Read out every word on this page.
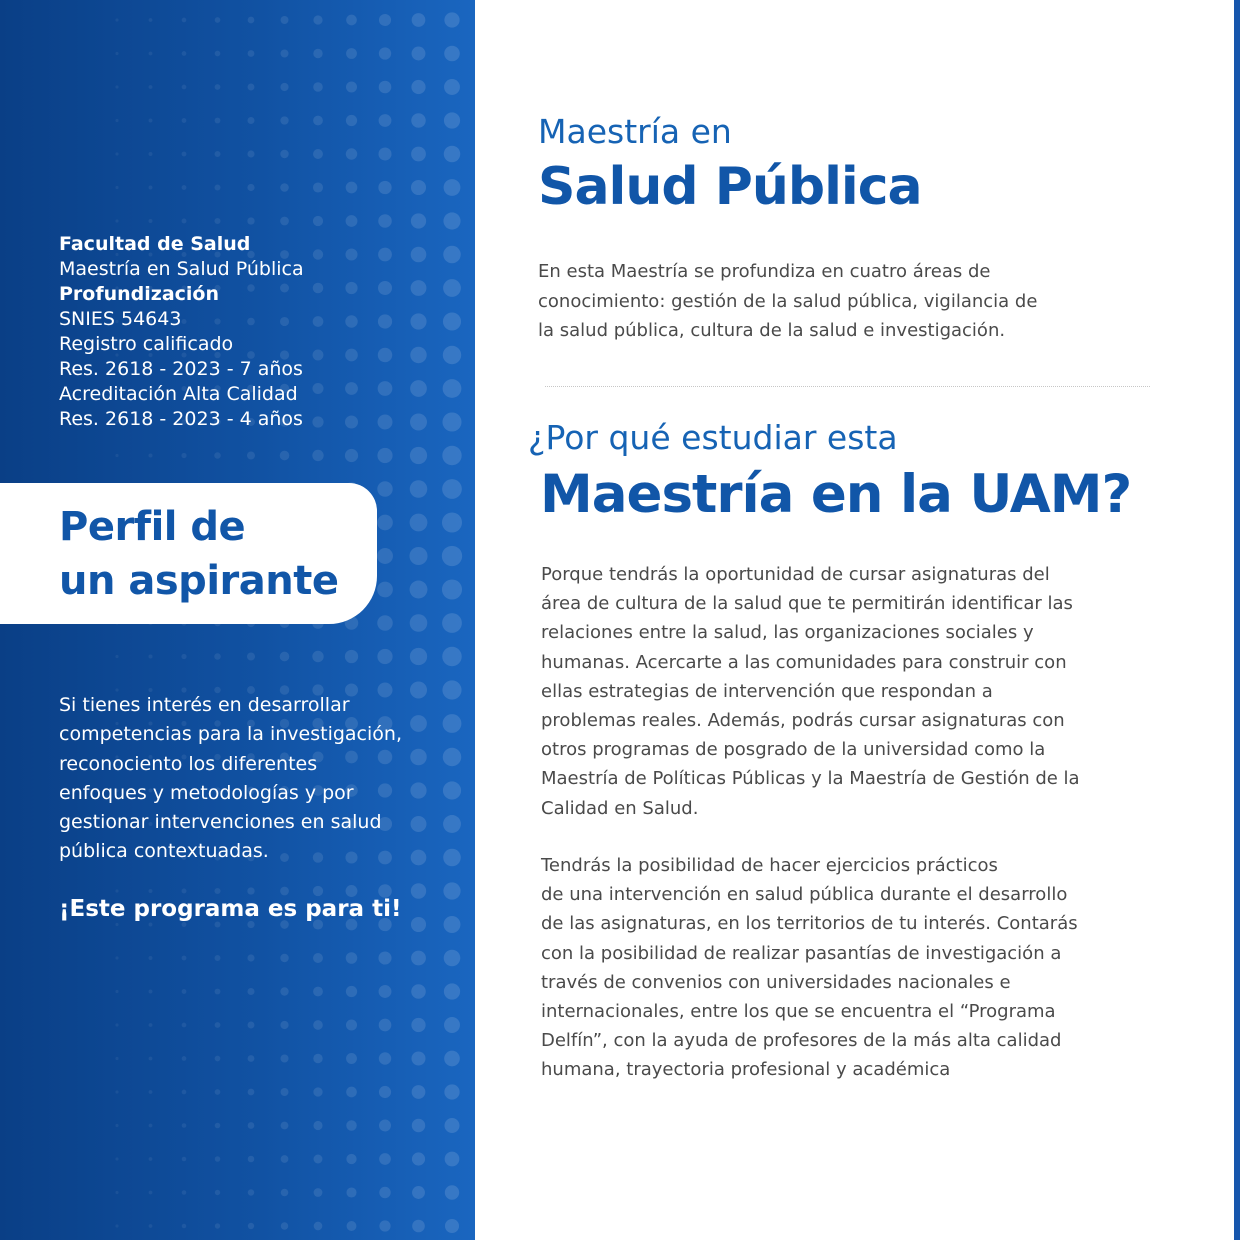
Facultad de Salud
Maestría en Salud Pública
Profundización
SNIES 54643
Registro calificado
Res. 2618 - 2023 - 7 años
Acreditación Alta Calidad
Res. 2618 - 2023 - 4 años
Perfil de
un aspirante
Si tienes interés en desarrollar
competencias para la investigación,
reconociento los diferentes
enfoques y metodologías y por
gestionar intervenciones en salud
pública contextuadas.
¡Este programa es para ti!
Maestría en
Salud Pública
En esta Maestría se profundiza en cuatro áreas de
conocimiento: gestión de la salud pública, vigilancia de
la salud pública, cultura de la salud e investigación.
¿Por qué estudiar esta
Maestría en la UAM?
Porque tendrás la oportunidad de cursar asignaturas del
área de cultura de la salud que te permitirán identificar las
relaciones entre la salud, las organizaciones sociales y
humanas. Acercarte a las comunidades para construir con
ellas estrategias de intervención que respondan a
problemas reales. Además, podrás cursar asignaturas con
otros programas de posgrado de la universidad como la
Maestría de Políticas Públicas y la Maestría de Gestión de la
Calidad en Salud.
Tendrás la posibilidad de hacer ejercicios prácticos
de una intervención en salud pública durante el desarrollo
de las asignaturas, en los territorios de tu interés. Contarás
con la posibilidad de realizar pasantías de investigación a
través de convenios con universidades nacionales e
internacionales, entre los que se encuentra el “Programa
Delfín”, con la ayuda de profesores de la más alta calidad
humana, trayectoria profesional y académica
